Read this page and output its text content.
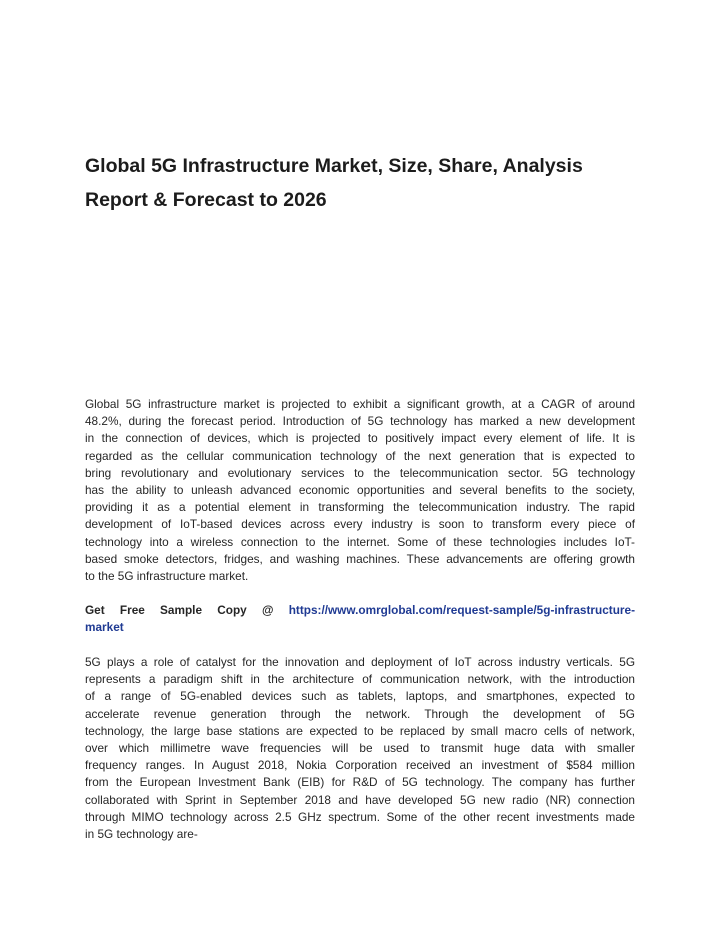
Global 5G Infrastructure Market, Size, Share, Analysis
Report & Forecast to 2026
Global 5G infrastructure market is projected to exhibit a significant growth, at a CAGR of around
48.2%, during the forecast period. Introduction of 5G technology has marked a new development
in the connection of devices, which is projected to positively impact every element of life. It is
regarded as the cellular communication technology of the next generation that is expected to
bring revolutionary and evolutionary services to the telecommunication sector. 5G technology
has the ability to unleash advanced economic opportunities and several benefits to the society,
providing it as a potential element in transforming the telecommunication industry. The rapid
development of IoT-based devices across every industry is soon to transform every piece of
technology into a wireless connection to the internet. Some of these technologies includes IoT-
based smoke detectors, fridges, and washing machines. These advancements are offering growth
to the 5G infrastructure market.
Get Free Sample Copy @ https://www.omrglobal.com/request-sample/5g-infrastructure-
market
5G plays a role of catalyst for the innovation and deployment of IoT across industry verticals. 5G
represents a paradigm shift in the architecture of communication network, with the introduction
of a range of 5G-enabled devices such as tablets, laptops, and smartphones, expected to
accelerate revenue generation through the network. Through the development of 5G
technology, the large base stations are expected to be replaced by small macro cells of network,
over which millimetre wave frequencies will be used to transmit huge data with smaller
frequency ranges. In August 2018, Nokia Corporation received an investment of $584 million
from the European Investment Bank (EIB) for R&D of 5G technology. The company has further
collaborated with Sprint in September 2018 and have developed 5G new radio (NR) connection
through MIMO technology across 2.5 GHz spectrum. Some of the other recent investments made
in 5G technology are-
